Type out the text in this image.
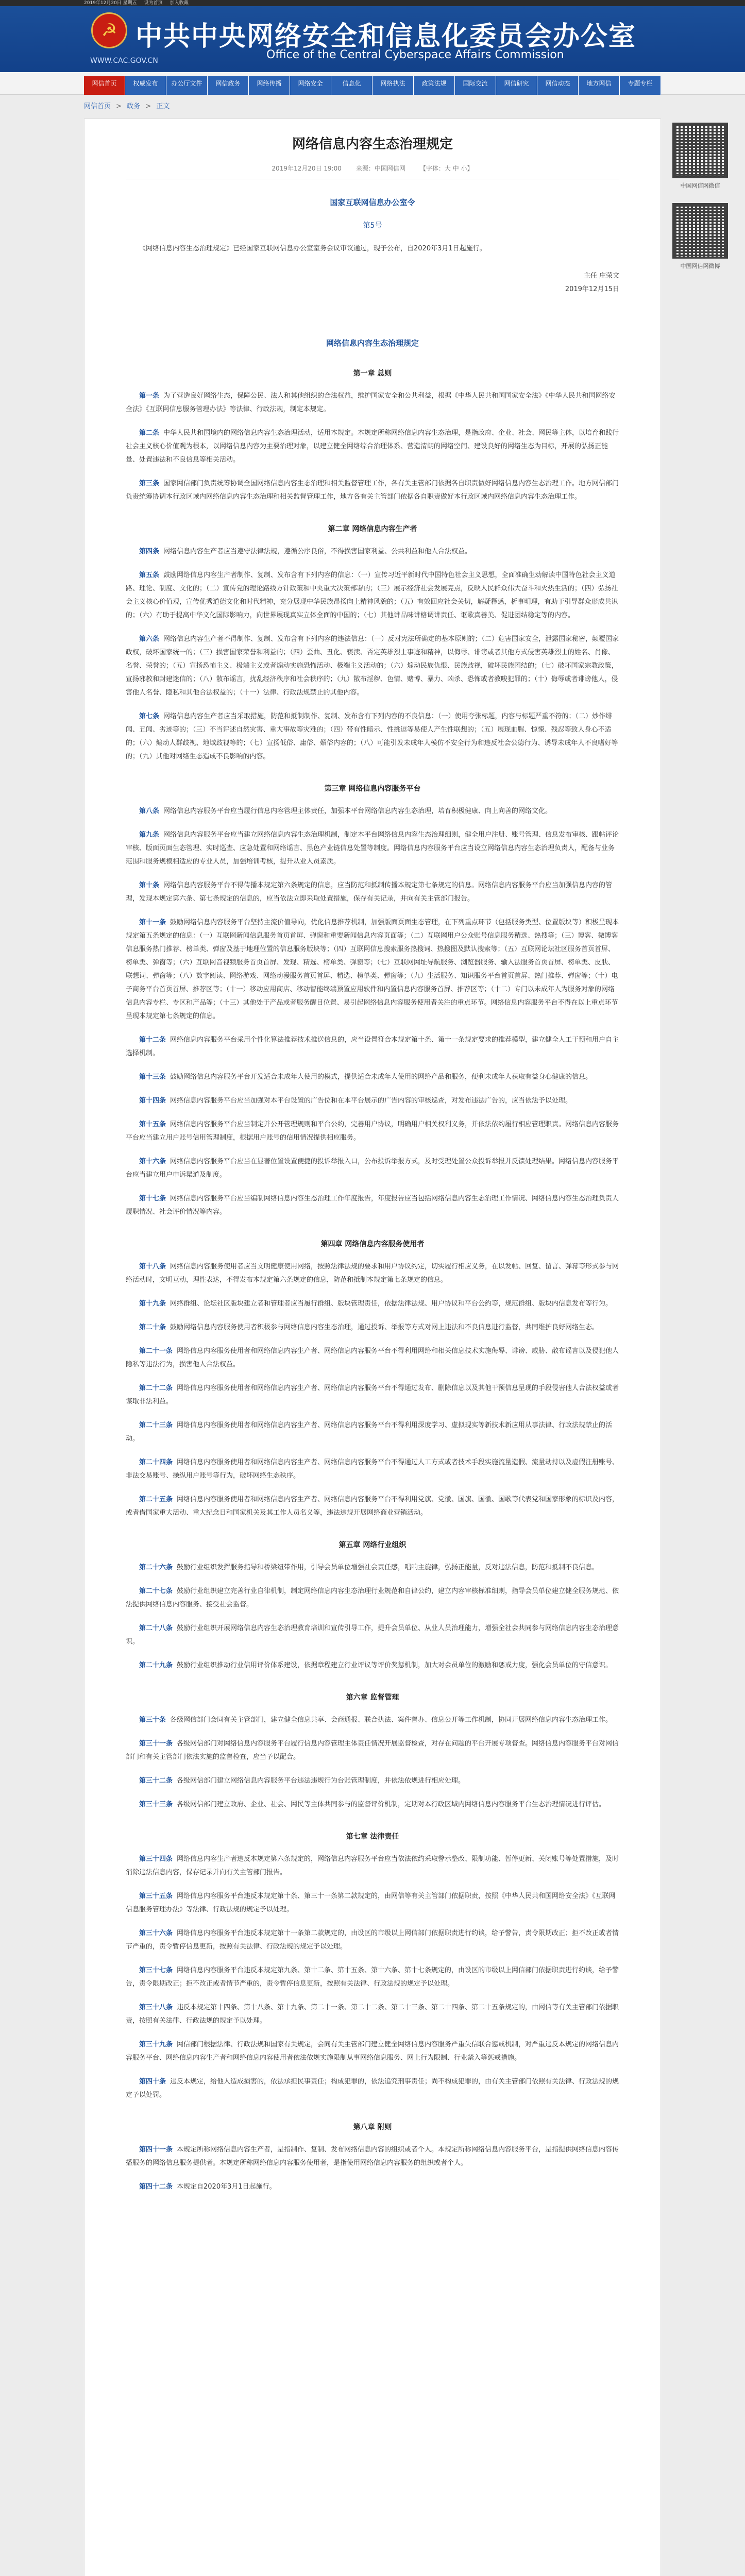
2019年12月20日 星期五 设为首页 加入收藏
☭ 中共中央网络安全和信息化委员会办公室
Office of the Central Cyberspace Affairs Commission
WWW.CAC.GOV.CN
网信首页	权威发布	办公厅文件	网信政务	网络传播	网络安全	信息化	网络执法	政策法规	国际交流	网信研究	网信动态	地方网信	专题专栏
网信首页 > 政务 > 正文
网络信息内容生态治理规定
2019年12月20日 19:00 来源：中国网信网 【字体：大 中 小】
国家互联网信息办公室令
第5号

《网络信息内容生态治理规定》已经国家互联网信息办公室室务会议审议通过，现予公布，自2020年3月1日起施行。

主任 庄荣文
2019年12月15日
网络信息内容生态治理规定
第一章 总则

第一条 为了营造良好网络生态，保障公民、法人和其他组织的合法权益，维护国家安全和公共利益，根据《中华人民共和国国家安全法》《中华人民共和国网络安全法》《互联网信息服务管理办法》等法律、行政法规，制定本规定。

第二条 中华人民共和国境内的网络信息内容生态治理活动，适用本规定。本规定所称网络信息内容生态治理，是指政府、企业、社会、网民等主体，以培育和践行社会主义核心价值观为根本，以网络信息内容为主要治理对象，以建立健全网络综合治理体系、营造清朗的网络空间、建设良好的网络生态为目标，开展的弘扬正能量、处置违法和不良信息等相关活动。

第三条 国家网信部门负责统筹协调全国网络信息内容生态治理和相关监督管理工作，各有关主管部门依据各自职责做好网络信息内容生态治理工作。地方网信部门负责统筹协调本行政区域内网络信息内容生态治理和相关监督管理工作，地方各有关主管部门依据各自职责做好本行政区域内网络信息内容生态治理工作。

第二章 网络信息内容生产者

第四条 网络信息内容生产者应当遵守法律法规，遵循公序良俗，不得损害国家利益、公共利益和他人合法权益。

第五条 鼓励网络信息内容生产者制作、复制、发布含有下列内容的信息：（一）宣传习近平新时代中国特色社会主义思想，全面准确生动解读中国特色社会主义道路、理论、制度、文化的；（二）宣传党的理论路线方针政策和中央重大决策部署的；（三）展示经济社会发展亮点，反映人民群众伟大奋斗和火热生活的；（四）弘扬社会主义核心价值观，宣传优秀道德文化和时代精神，充分展现中华民族昂扬向上精神风貌的；（五）有效回应社会关切，解疑释惑，析事明理，有助于引导群众形成共识的；（六）有助于提高中华文化国际影响力，向世界展现真实立体全面的中国的；（七）其他讲品味讲格调讲责任、讴歌真善美、促进团结稳定等的内容。

第六条 网络信息内容生产者不得制作、复制、发布含有下列内容的违法信息：（一）反对宪法所确定的基本原则的；（二）危害国家安全，泄露国家秘密，颠覆国家政权，破坏国家统一的；（三）损害国家荣誉和利益的；（四）歪曲、丑化、亵渎、否定英雄烈士事迹和精神，以侮辱、诽谤或者其他方式侵害英雄烈士的姓名、肖像、名誉、荣誉的；（五）宣扬恐怖主义、极端主义或者煽动实施恐怖活动、极端主义活动的；（六）煽动民族仇恨、民族歧视，破坏民族团结的；（七）破坏国家宗教政策，宣扬邪教和封建迷信的；（八）散布谣言，扰乱经济秩序和社会秩序的；（九）散布淫秽、色情、赌博、暴力、凶杀、恐怖或者教唆犯罪的；（十）侮辱或者诽谤他人，侵害他人名誉、隐私和其他合法权益的；（十一）法律、行政法规禁止的其他内容。

第七条 网络信息内容生产者应当采取措施，防范和抵制制作、复制、发布含有下列内容的不良信息：（一）使用夸张标题，内容与标题严重不符的；（二）炒作绯闻、丑闻、劣迹等的；（三）不当评述自然灾害、重大事故等灾难的；（四）带有性暗示、性挑逗等易使人产生性联想的；（五）展现血腥、惊悚、残忍等致人身心不适的；（六）煽动人群歧视、地域歧视等的；（七）宣扬低俗、庸俗、媚俗内容的；（八）可能引发未成年人模仿不安全行为和违反社会公德行为、诱导未成年人不良嗜好等的；（九）其他对网络生态造成不良影响的内容。

第三章 网络信息内容服务平台

第八条 网络信息内容服务平台应当履行信息内容管理主体责任，加强本平台网络信息内容生态治理，培育积极健康、向上向善的网络文化。

第九条 网络信息内容服务平台应当建立网络信息内容生态治理机制，制定本平台网络信息内容生态治理细则，健全用户注册、账号管理、信息发布审核、跟帖评论审核、版面页面生态管理、实时巡查、应急处置和网络谣言、黑色产业链信息处置等制度。网络信息内容服务平台应当设立网络信息内容生态治理负责人，配备与业务范围和服务规模相适应的专业人员，加强培训考核，提升从业人员素质。

第十条 网络信息内容服务平台不得传播本规定第六条规定的信息，应当防范和抵制传播本规定第七条规定的信息。网络信息内容服务平台应当加强信息内容的管理，发现本规定第六条、第七条规定的信息的，应当依法立即采取处置措施，保存有关记录，并向有关主管部门报告。

第十一条 鼓励网络信息内容服务平台坚持主流价值导向，优化信息推荐机制，加强版面页面生态管理，在下列重点环节（包括服务类型、位置版块等）积极呈现本规定第五条规定的信息：（一）互联网新闻信息服务首页首屏、弹窗和重要新闻信息内容页面等；（二）互联网用户公众账号信息服务精选、热搜等；（三）博客、微博客信息服务热门推荐、榜单类、弹窗及基于地理位置的信息服务版块等；（四）互联网信息搜索服务热搜词、热搜图及默认搜索等；（五）互联网论坛社区服务首页首屏、榜单类、弹窗等；（六）互联网音视频服务首页首屏、发现、精选、榜单类、弹窗等；（七）互联网网址导航服务、浏览器服务、输入法服务首页首屏、榜单类、皮肤、联想词、弹窗等；（八）数字阅读、网络游戏、网络动漫服务首页首屏、精选、榜单类、弹窗等；（九）生活服务、知识服务平台首页首屏、热门推荐、弹窗等；（十）电子商务平台首页首屏、推荐区等；（十一）移动应用商店、移动智能终端预置应用软件和内置信息内容服务首屏、推荐区等；（十二）专门以未成年人为服务对象的网络信息内容专栏、专区和产品等；（十三）其他处于产品或者服务醒目位置、易引起网络信息内容服务使用者关注的重点环节。网络信息内容服务平台不得在以上重点环节呈现本规定第七条规定的信息。

第十二条 网络信息内容服务平台采用个性化算法推荐技术推送信息的，应当设置符合本规定第十条、第十一条规定要求的推荐模型，建立健全人工干预和用户自主选择机制。

第十三条 鼓励网络信息内容服务平台开发适合未成年人使用的模式，提供适合未成年人使用的网络产品和服务，便利未成年人获取有益身心健康的信息。

第十四条 网络信息内容服务平台应当加强对本平台设置的广告位和在本平台展示的广告内容的审核巡查，对发布违法广告的，应当依法予以处理。

第十五条 网络信息内容服务平台应当制定并公开管理规则和平台公约，完善用户协议，明确用户相关权利义务，并依法依约履行相应管理职责。网络信息内容服务平台应当建立用户账号信用管理制度，根据用户账号的信用情况提供相应服务。

第十六条 网络信息内容服务平台应当在显著位置设置便捷的投诉举报入口，公布投诉举报方式，及时受理处置公众投诉举报并反馈处理结果。网络信息内容服务平台应当建立用户申诉渠道及制度。

第十七条 网络信息内容服务平台应当编制网络信息内容生态治理工作年度报告，年度报告应当包括网络信息内容生态治理工作情况、网络信息内容生态治理负责人履职情况、社会评价情况等内容。

第四章 网络信息内容服务使用者

第十八条 网络信息内容服务使用者应当文明健康使用网络，按照法律法规的要求和用户协议约定，切实履行相应义务，在以发帖、回复、留言、弹幕等形式参与网络活动时，文明互动，理性表达，不得发布本规定第六条规定的信息，防范和抵制本规定第七条规定的信息。

第十九条 网络群组、论坛社区版块建立者和管理者应当履行群组、版块管理责任，依据法律法规、用户协议和平台公约等，规范群组、版块内信息发布等行为。

第二十条 鼓励网络信息内容服务使用者积极参与网络信息内容生态治理，通过投诉、举报等方式对网上违法和不良信息进行监督，共同维护良好网络生态。

第二十一条 网络信息内容服务使用者和网络信息内容生产者、网络信息内容服务平台不得利用网络和相关信息技术实施侮辱、诽谤、威胁、散布谣言以及侵犯他人隐私等违法行为，损害他人合法权益。

第二十二条 网络信息内容服务使用者和网络信息内容生产者、网络信息内容服务平台不得通过发布、删除信息以及其他干预信息呈现的手段侵害他人合法权益或者谋取非法利益。

第二十三条 网络信息内容服务使用者和网络信息内容生产者、网络信息内容服务平台不得利用深度学习、虚拟现实等新技术新应用从事法律、行政法规禁止的活动。

第二十四条 网络信息内容服务使用者和网络信息内容生产者、网络信息内容服务平台不得通过人工方式或者技术手段实施流量造假、流量劫持以及虚假注册账号、非法交易账号、操纵用户账号等行为，破坏网络生态秩序。

第二十五条 网络信息内容服务使用者和网络信息内容生产者、网络信息内容服务平台不得利用党旗、党徽、国旗、国徽、国歌等代表党和国家形象的标识及内容，或者借国家重大活动、重大纪念日和国家机关及其工作人员名义等，违法违规开展网络商业营销活动。

第五章 网络行业组织

第二十六条 鼓励行业组织发挥服务指导和桥梁纽带作用，引导会员单位增强社会责任感，唱响主旋律，弘扬正能量，反对违法信息，防范和抵制不良信息。

第二十七条 鼓励行业组织建立完善行业自律机制，制定网络信息内容生态治理行业规范和自律公约，建立内容审核标准细则，指导会员单位建立健全服务规范、依法提供网络信息内容服务、接受社会监督。

第二十八条 鼓励行业组织开展网络信息内容生态治理教育培训和宣传引导工作，提升会员单位、从业人员治理能力，增强全社会共同参与网络信息内容生态治理意识。

第二十九条 鼓励行业组织推动行业信用评价体系建设，依据章程建立行业评议等评价奖惩机制，加大对会员单位的激励和惩戒力度，强化会员单位的守信意识。

第六章 监督管理

第三十条 各级网信部门会同有关主管部门，建立健全信息共享、会商通报、联合执法、案件督办、信息公开等工作机制，协同开展网络信息内容生态治理工作。

第三十一条 各级网信部门对网络信息内容服务平台履行信息内容管理主体责任情况开展监督检查，对存在问题的平台开展专项督查。网络信息内容服务平台对网信部门和有关主管部门依法实施的监督检查，应当予以配合。

第三十二条 各级网信部门建立网络信息内容服务平台违法违规行为台账管理制度，并依法依规进行相应处理。

第三十三条 各级网信部门建立政府、企业、社会、网民等主体共同参与的监督评价机制，定期对本行政区域内网络信息内容服务平台生态治理情况进行评估。

第七章 法律责任

第三十四条 网络信息内容生产者违反本规定第六条规定的，网络信息内容服务平台应当依法依约采取警示整改、限制功能、暂停更新、关闭账号等处置措施，及时消除违法信息内容，保存记录并向有关主管部门报告。

第三十五条 网络信息内容服务平台违反本规定第十条、第三十一条第二款规定的，由网信等有关主管部门依据职责，按照《中华人民共和国网络安全法》《互联网信息服务管理办法》等法律、行政法规的规定予以处理。

第三十六条 网络信息内容服务平台违反本规定第十一条第二款规定的，由设区的市级以上网信部门依据职责进行约谈，给予警告，责令限期改正；拒不改正或者情节严重的，责令暂停信息更新，按照有关法律、行政法规的规定予以处理。

第三十七条 网络信息内容服务平台违反本规定第九条、第十二条、第十五条、第十六条、第十七条规定的，由设区的市级以上网信部门依据职责进行约谈，给予警告，责令限期改正；拒不改正或者情节严重的，责令暂停信息更新，按照有关法律、行政法规的规定予以处理。

第三十八条 违反本规定第十四条、第十八条、第十九条、第二十一条、第二十二条、第二十三条、第二十四条、第二十五条规定的，由网信等有关主管部门依据职责，按照有关法律、行政法规的规定予以处理。

第三十九条 网信部门根据法律、行政法规和国家有关规定，会同有关主管部门建立健全网络信息内容服务严重失信联合惩戒机制，对严重违反本规定的网络信息内容服务平台、网络信息内容生产者和网络信息内容使用者依法依规实施限制从事网络信息服务、网上行为限制、行业禁入等惩戒措施。

第四十条 违反本规定，给他人造成损害的，依法承担民事责任；构成犯罪的，依法追究刑事责任；尚不构成犯罪的，由有关主管部门依照有关法律、行政法规的规定予以处罚。

第八章 附则

第四十一条 本规定所称网络信息内容生产者，是指制作、复制、发布网络信息内容的组织或者个人。本规定所称网络信息内容服务平台，是指提供网络信息内容传播服务的网络信息服务提供者。本规定所称网络信息内容服务使用者，是指使用网络信息内容服务的组织或者个人。

第四十二条 本规定自2020年3月1日起施行。

中国网信网微信
中国网信网微博
